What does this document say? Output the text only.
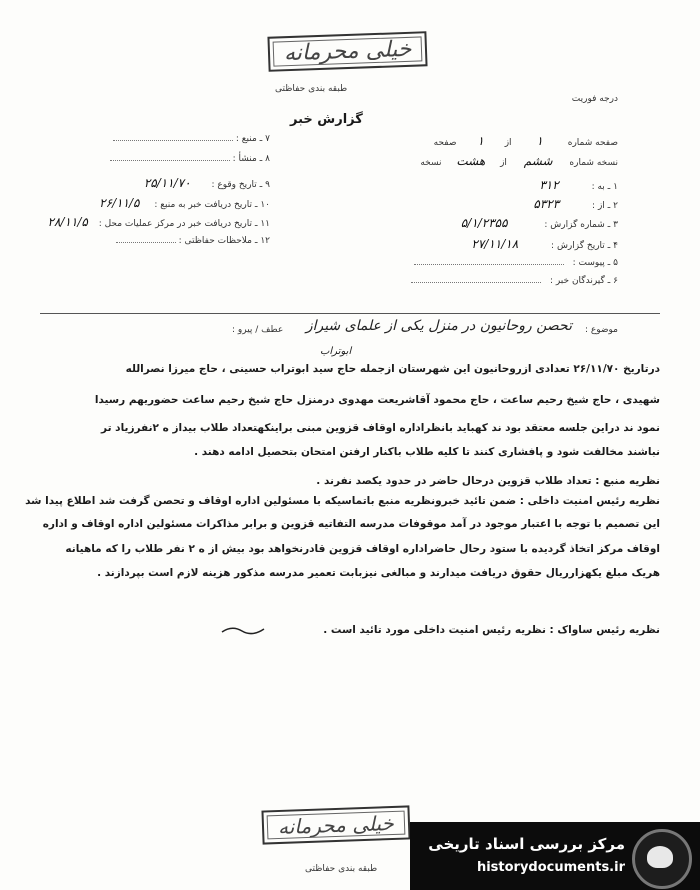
خیلی محرمانه
طبقه بندی حفاظتی
درجه فوریت
گزارش خبر
صفحه شماره ۱ از ۱ صفحه
نسخه شماره ششم از هشت نسخه
۱ ـ به : ۳۱۲
۲ ـ از : ۵۳۲۳
۳ ـ شماره گزارش : ۵/۱/۲۳۵۵
۴ ـ تاریخ گزارش : ۲۷/۱۱/۱۸
۵ ـ پیوست :
۶ ـ گیرندگان خبر :
۷ ـ منبع :
۸ ـ منشأ :
۹ ـ تاریخ وقوع : ۲۵/۱۱/۷۰
۱۰ ـ تاریخ دریافت خبر به منبع : ۲۶/۱۱/۵
۱۱ ـ تاریخ دریافت خبر در مرکز عملیات محل : ۲۸/۱۱/۵
۱۲ ـ ملاحظات حفاظتی :
موضوع :
تحصن روحانیون در منزل یکی از علمای شیراز
عطف / پیرو :
ابوتراب
درتاریخ ۲۶/۱۱/۷۰ تعدادی ازروحانیون این شهرستان ازجمله حاج سید ابوتراب حسینی ، حاج میرزا نصرالله
شهیدی ، حاج شیخ رحیم ساعت ، حاج محمود آقاشریعت مهدوی درمنزل حاج شیخ رحیم ساعت حضوریهم رسیدا
نمود ند دراین جلسه معتقد بود ند کهباید بانظراداره اوقاف قزوین مبنی براینکهتعداد طلاب بیداز ه ۲نفرزیاد تر
نباشند مخالفت شود و پافشاری کنند تا کلیه طلاب باکنار ارفتن امتحان بتحصیل ادامه دهند .
نظریه منبع : تعداد طلاب قزوین درحال حاضر در حدود یکصد نفرند .
نظریه رئیس امنیت داخلی : ضمن تائید خبرونظریه منبع باتماسیکه با مسئولین اداره اوقاف و تحصن گرفت شد اطلاع پیدا شد
این تصمیم با توجه با اعتبار موجود در آمد موقوفات مدرسه التفاتیه قزوین و برابر مذاکرات مسئولین اداره اوقاف و اداره
اوقاف مرکز اتخاذ گردیده با ستود رحال حاضراداره اوقاف قزوین قادرنخواهد بود بیش از ه ۲ نفر طلاب را که ماهیانه
هریک مبلغ یکهزارریال حقوق دریافت میدارند و مبالغی نیزبابت تعمیر مدرسه مذکور هزینه لازم است بپردازند .
نظریه رئیس ساواک : نظریه رئیس امنیت داخلی مورد تائید است .
خیلی محرمانه
طبقه بندی حفاظتی
مرکز بررسی اسناد تاریخی
historydocuments.ir
